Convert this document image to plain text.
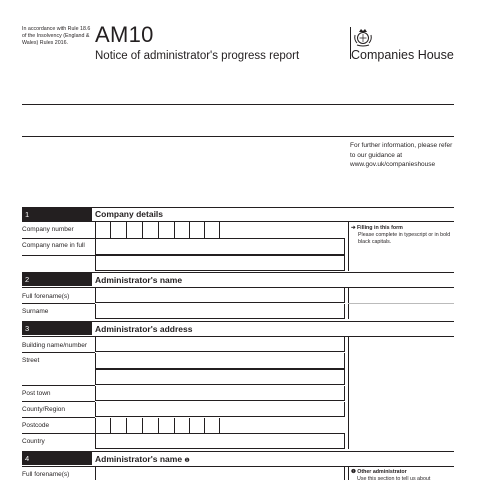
In accordance with Rule 18.6 of the Insolvency (England & Wales) Rules 2016.	AM10
Notice of administrator's progress report	Companies House
For further information, please refer to our guidance at www.gov.uk/companieshouse
1	Company details
Company number
Company name in full
➔ Filling in this form

Please complete in typescript or in bold black capitals.
2	Administrator's name
Full forename(s)
Surname
3	Administrator's address
Building name/number
Street
Post town
County/Region
Postcode
Country
4	Administrator's name ❶
Full forename(s)	❶ Other administrator
Use this section to tell us about
